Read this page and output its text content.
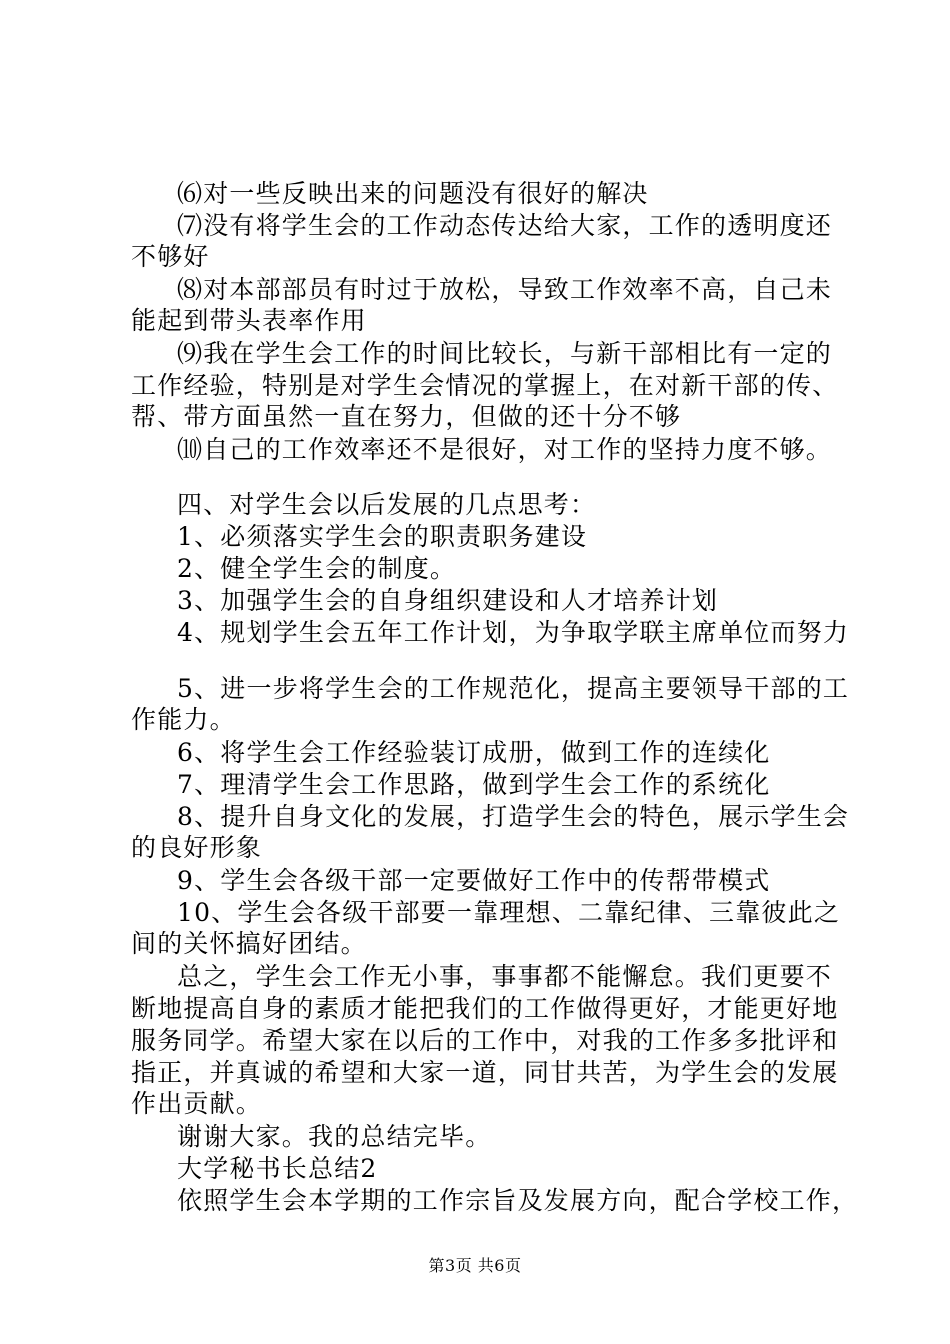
⑹对一些反映出来的问题没有很好的解决
⑺没有将学生会的工作动态传达给大家，工作的透明度还
不够好
⑻对本部部员有时过于放松，导致工作效率不高，自己未
能起到带头表率作用
⑼我在学生会工作的时间比较长，与新干部相比有一定的
工作经验，特别是对学生会情况的掌握上，在对新干部的传、
帮、带方面虽然一直在努力，但做的还十分不够
⑽自己的工作效率还不是很好，对工作的坚持力度不够。
四、对学生会以后发展的几点思考：
1、必须落实学生会的职责职务建设
2、健全学生会的制度。
3、加强学生会的自身组织建设和人才培养计划
4、规划学生会五年工作计划，为争取学联主席单位而努力
5、进一步将学生会的工作规范化，提高主要领导干部的工
作能力。
6、将学生会工作经验装订成册，做到工作的连续化
7、理清学生会工作思路，做到学生会工作的系统化
8、提升自身文化的发展，打造学生会的特色，展示学生会
的良好形象
9、学生会各级干部一定要做好工作中的传帮带模式
10、学生会各级干部要一靠理想、二靠纪律、三靠彼此之
间的关怀搞好团结。
总之，学生会工作无小事，事事都不能懈怠。我们更要不
断地提高自身的素质才能把我们的工作做得更好，才能更好地
服务同学。希望大家在以后的工作中，对我的工作多多批评和
指正，并真诚的希望和大家一道，同甘共苦，为学生会的发展
作出贡献。
谢谢大家。我的总结完毕。
大学秘书长总结2
依照学生会本学期的工作宗旨及发展方向，配合学校工作，
第3页 共6页
